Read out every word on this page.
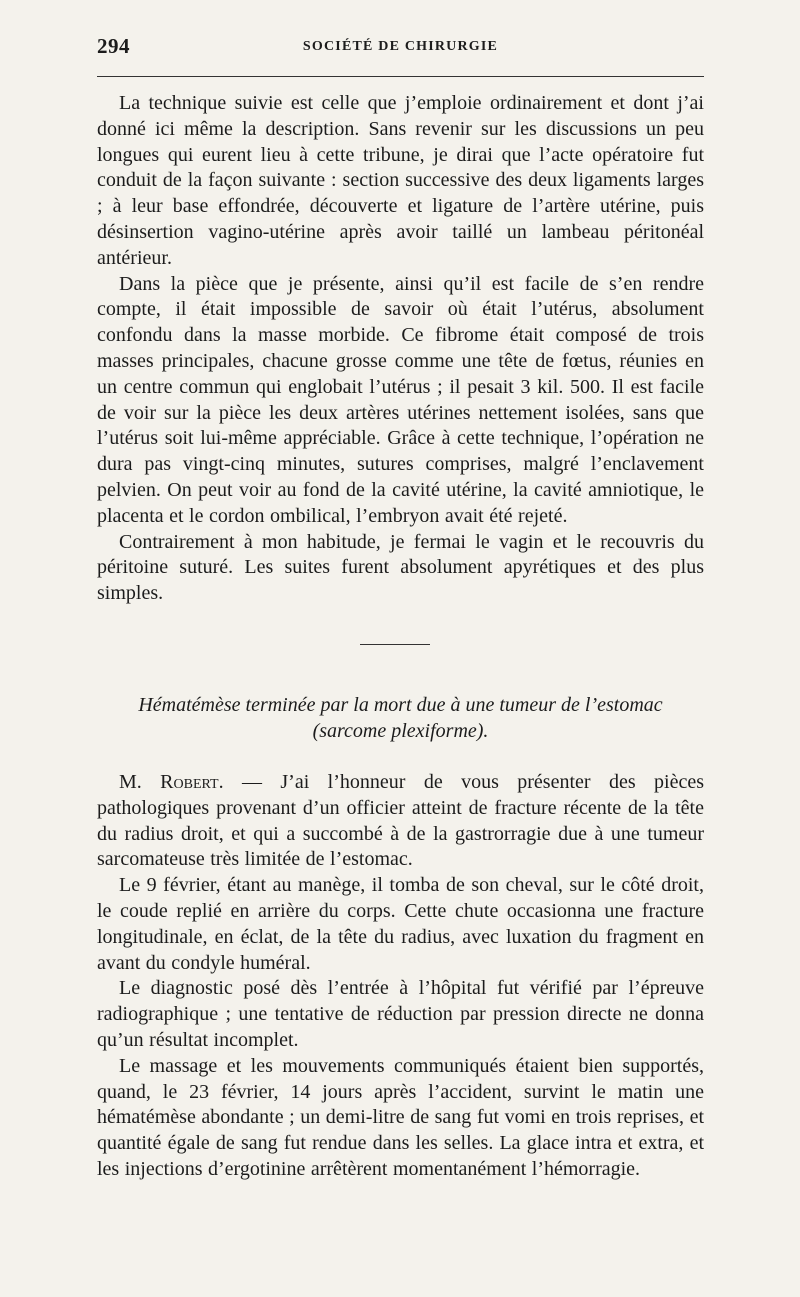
294	SOCIÉTÉ DE CHIRURGIE

La technique suivie est celle que j’emploie ordinairement et dont j’ai donné ici même la description. Sans revenir sur les discussions un peu longues qui eurent lieu à cette tribune, je dirai que l’acte opératoire fut conduit de la façon suivante : section successive des deux ligaments larges ; à leur base effondrée, découverte et ligature de l’artère utérine, puis désinsertion vagino-utérine après avoir taillé un lambeau péritonéal antérieur.

Dans la pièce que je présente, ainsi qu’il est facile de s’en rendre compte, il était impossible de savoir où était l’utérus, absolument confondu dans la masse morbide. Ce fibrome était composé de trois masses principales, chacune grosse comme une tête de fœtus, réunies en un centre commun qui englobait l’utérus ; il pesait 3 kil. 500. Il est facile de voir sur la pièce les deux artères utérines nettement isolées, sans que l’utérus soit lui-même appréciable. Grâce à cette technique, l’opération ne dura pas vingt-cinq minutes, sutures comprises, malgré l’enclavement pelvien. On peut voir au fond de la cavité utérine, la cavité amniotique, le placenta et le cordon ombilical, l’embryon avait été rejeté.

Contrairement à mon habitude, je fermai le vagin et le recouvris du péritoine suturé. Les suites furent absolument apyrétiques et des plus simples.

Hématémèse terminée par la mort due à une tumeur de l’estomac
(sarcome plexiforme).

M. Robert. — J’ai l’honneur de vous présenter des pièces pathologiques provenant d’un officier atteint de fracture récente de la tête du radius droit, et qui a succombé à de la gastrorragie due à une tumeur sarcomateuse très limitée de l’estomac.

Le 9 février, étant au manège, il tomba de son cheval, sur le côté droit, le coude replié en arrière du corps. Cette chute occasionna une fracture longitudinale, en éclat, de la tête du radius, avec luxation du fragment en avant du condyle huméral.

Le diagnostic posé dès l’entrée à l’hôpital fut vérifié par l’épreuve radiographique ; une tentative de réduction par pression directe ne donna qu’un résultat incomplet.

Le massage et les mouvements communiqués étaient bien supportés, quand, le 23 février, 14 jours après l’accident, survint le matin une hématémèse abondante ; un demi-litre de sang fut vomi en trois reprises, et quantité égale de sang fut rendue dans les selles. La glace intra et extra, et les injections d’ergotinine arrêtèrent momentanément l’hémorragie.
